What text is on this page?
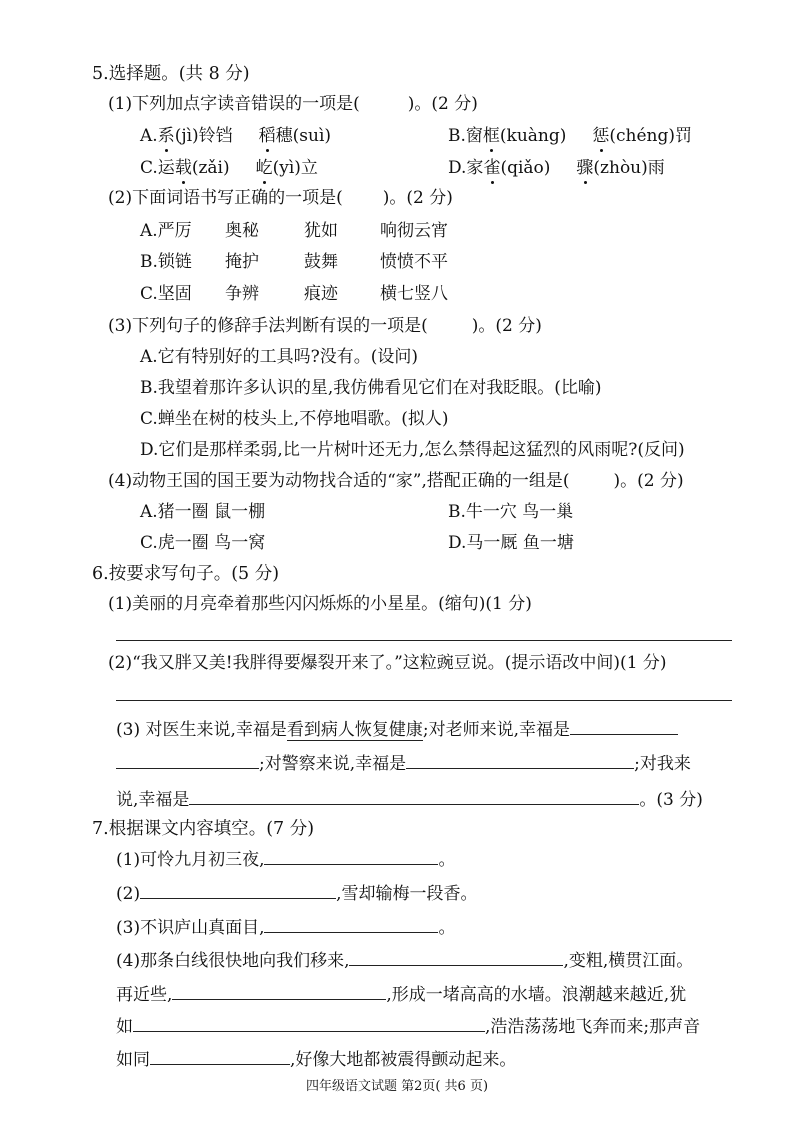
5.选择题。(共 8 分)
(1)下列加点字读音错误的一项是(	)。(2 分)
A.系(jì)铃铛 稻穗(suì)	B.窗框(kuàng) 惩(chéng)罚
C.运载(zǎi) 屹(yì)立	D.家雀(qiǎo) 骤(zhòu)雨
(2)下面词语书写正确的一项是( )。(2 分)
A.严厉 奥秘	犹如 响彻云宵
B.锁链 掩护	鼓舞 愤愤不平
C.坚固 争辨	痕迹 横七竖八
(3)下列句子的修辞手法判断有误的一项是(	)。(2 分)
A.它有特别好的工具吗?没有。(设问)
B.我望着那许多认识的星,我仿佛看见它们在对我眨眼。(比喻)
C.蝉坐在树的枝头上,不停地唱歌。(拟人)
D.它们是那样柔弱,比一片树叶还无力,怎么禁得起这猛烈的风雨呢?(反问)
(4)动物王国的国王要为动物找合适的“家”,搭配正确的一组是(	)。(2 分)
A.猪一圈 鼠一棚	B.牛一穴 鸟一巢
C.虎一圈 鸟一窝	D.马一厩 鱼一塘
6.按要求写句子。(5 分)
(1)美丽的月亮牵着那些闪闪烁烁的小星星。(缩句)(1 分)
(2)“我又胖又美!我胖得要爆裂开来了。”这粒豌豆说。(提示语改中间)(1 分)
(3) 对医生来说,幸福是看到病人恢复健康;对老师来说,幸福是
;对警察来说,幸福是	;对我来
说,幸福是	。(3 分)
7.根据课文内容填空。(7 分)
(1)可怜九月初三夜,	。
(2)	,雪却输梅一段香。
(3)不识庐山真面目,	。
(4)那条白线很快地向我们移来,	,变粗,横贯江面。
再近些,	,形成一堵高高的水墙。浪潮越来越近,犹
如	,浩浩荡荡地飞奔而来;那声音
如同	,好像大地都被震得颤动起来。
四年级语文试题 第2页( 共6 页)
